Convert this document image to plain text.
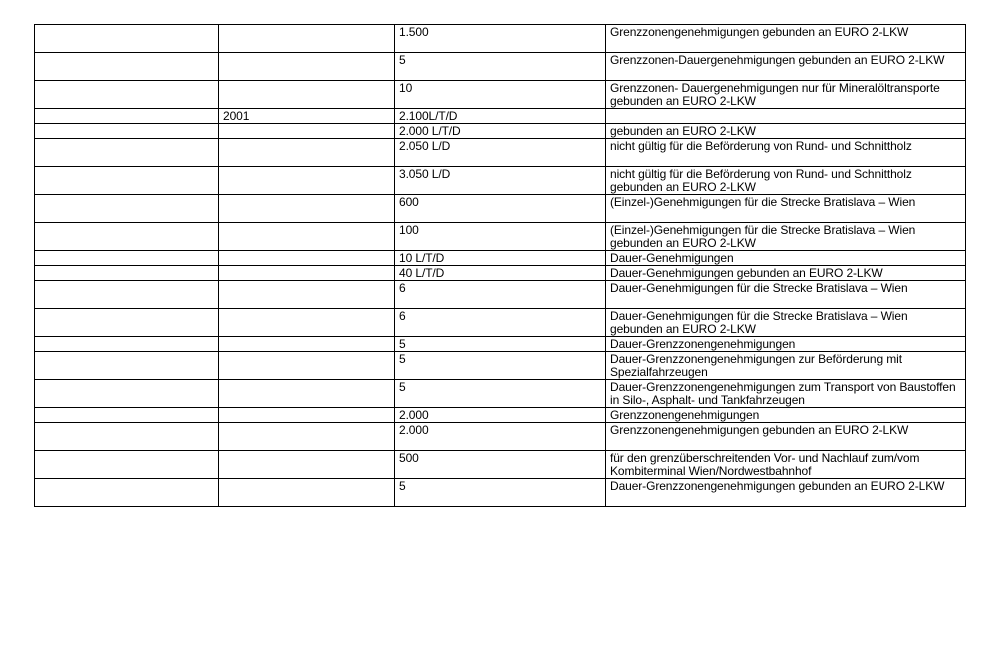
		1.500	Grenzzonengenehmigungen gebunden an EURO 2-LKW
		5	Grenzzonen-Dauergenehmigungen gebunden an EURO 2-LKW
		10	Grenzzonen- Dauergenehmigungen nur für Mineralöltransporte gebunden an EURO 2-LKW
	2001	2.100L/T/D	
		2.000 L/T/D	gebunden an EURO 2-LKW
		2.050 L/D	nicht gültig für die Beförderung von Rund- und Schnittholz
		3.050 L/D	nicht gültig für die Beförderung von Rund- und Schnittholz gebunden an EURO 2-LKW
		600	(Einzel-)Genehmigungen für die Strecke Bratislava – Wien
		100	(Einzel-)Genehmigungen für die Strecke Bratislava – Wien gebunden an EURO 2-LKW
		10 L/T/D	Dauer-Genehmigungen
		40 L/T/D	Dauer-Genehmigungen gebunden an EURO 2-LKW
		6	Dauer-Genehmigungen für die Strecke Bratislava – Wien
		6	Dauer-Genehmigungen für die Strecke Bratislava – Wien gebunden an EURO 2-LKW
		5	Dauer-Grenzzonengenehmigungen
		5	Dauer-Grenzzonengenehmigungen zur Beförderung mit Spezialfahrzeugen
		5	Dauer-Grenzzonengenehmigungen zum Transport von Baustoffen in Silo-, Asphalt- und Tankfahrzeugen
		2.000	Grenzzonengenehmigungen
		2.000	Grenzzonengenehmigungen gebunden an EURO 2-LKW
		500	für den grenzüberschreitenden Vor- und Nachlauf zum/vom Kombiterminal Wien/Nordwestbahnhof
		5	Dauer-Grenzzonengenehmigungen gebunden an EURO 2-LKW
